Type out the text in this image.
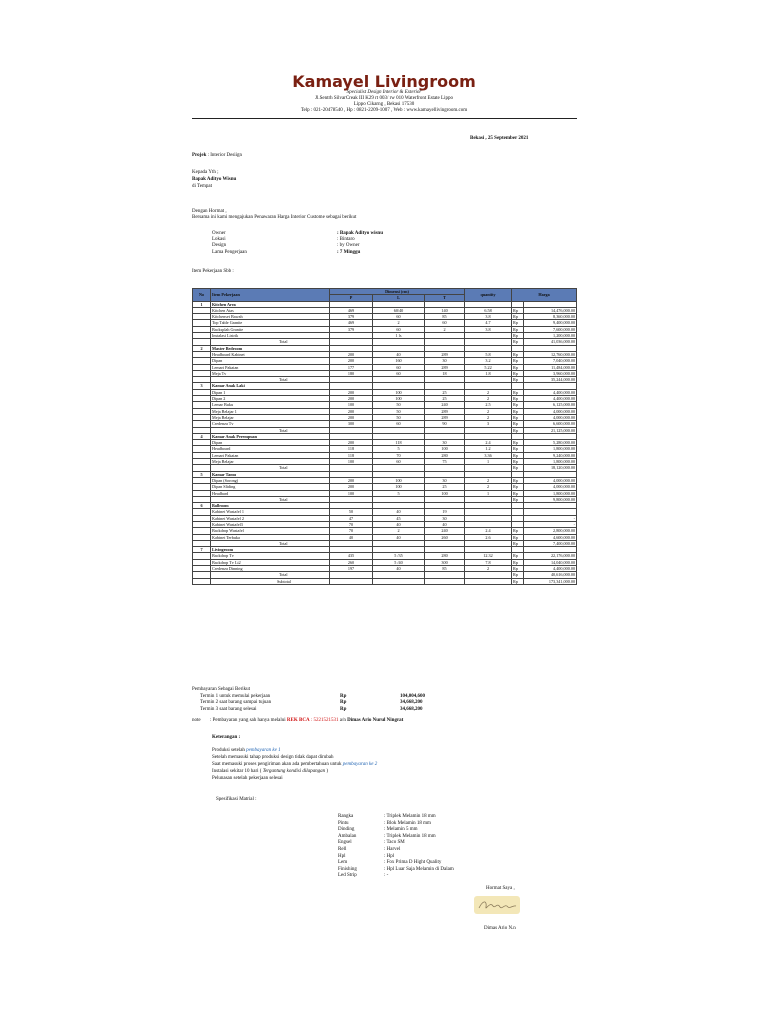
Kamayel Livingroom
Specialist Design Interior & Exterior
Jl.Sentrh SilvarCreak III K29 rt 003/ rw 010 Waterfront Estate Lippo
Lippo Cikarng , Bekasi 17530
Telp : 021-20478540 , Hp : 0821-2209-1007 , Web : www.kamayellivingroom.com
Bekasi , 25 September 2021
Projek : Interior Desiign
Kepada Yth ;
Bapak Adityo Wisnu
di Tempat
Dengan Hormat ,
Bersama ini kami mengajukan Penawaran Harga Interior Custome sebagai berikut
Owner	: Bapak Adityo wisnu
Lokasi	: Bintaro
Design	: by Owner
Lama Pengerjaan	: 7 Minggu
Item Pekerjaan Sbb :
No	Item Pekerjaan	Dimensi (cm)			quantity	Harga	
		P	L	T			
1	Kitchen Area						
	Kitchen Atas	469	60/40	140	6.58	Rp	14,476,000.00
	Kitchenset Bawah	379	60	85	3.8	Rp	8,360,000.00
	Top Table Granite	469	2	60	4.7	Rp	9,400,000.00
	Backsplah Granite	379	60	2	3.8	Rp	7,600,000.00
	Instalasi Listrik		1 ls			Rp	1,200,000.00
	Total					Rp	41,036,000.00
2	Master Bedroom						
	Headboard Kabinet	200	40	289	5.8	Rp	12,760,000.00
	Dipan	200	160	30	3.2	Rp	7,040,000.00
	Lemari Pakaian	177	60	289	5.22	Rp	11,484,000.00
	Meja Tv	180	60	18	1.8	Rp	3,960,000.00
	Total					Rp	35,244,000.00
3	Kamar Anak Laki						
	Dipan 1	200	100	25	2	Rp	4,400,000.00
	Dipan 2	200	100	25	2	Rp	4,400,000.00
	Lemar Buku	100	50	240	2.5	Rp	6,125,000.00
	Meja Belajar 1	200	50	289	2	Rp	4,000,000.00
	Meja Belajar	200	50	289	2	Rp	4,000,000.00
	Credenza Tv	300	60	90	3	Rp	6,600,000.00
	Total					Rp	21,125,000.00
4	Kamar Anak Perempuan						
	Dipan	200	118	30	2.4	Rp	5,280,000.00
	Headboard	118	5	100	1.2	Rp	1,800,000.00
	Lemari Pakaian	118	70	280	3.36	Rp	9,240,000.00
	Meja Belajar	100	60	75	1	Rp	1,800,000.00
	Total					Rp	18,120,000.00
5	Kamar Tamu						
	Dipan (Sorong)	200	100	30	2	Rp	4,000,000.00
	Dipan Sliding	200	100	25	2	Rp	4,000,000.00
	Headbard	100	5	100	1	Rp	1,800,000.00
	Total					Rp	9,800,000.00
6	Ballroom						
	Kabinet Wastafel 1	50	40	19			
	Kabinet Wastafel 2	47	45	30			-
	Kabinet Wastafel3	70	40	40			-
	Backdrop Wastafel	70	2	240	2.4	Rp	2,800,000.00
	Kabinet Terbuka	40	40	260	2.6	Rp	4,600,000.00
	Total					Rp	7,400,000.00
7	Livingroom						
	Backdrop Tv	435	5 /35	280	12.32	Rp	22,176,000.00
	Backdrop Tv Lt2	260	5 /40	300	7.8	Rp	14,040,000.00
	Credenza Dinning	197	40	85	2	Rp	4,400,000.00
	Total					Rp	40,616,000.00
	Subtotal					Rp	173,341,000.00
Pembayaran Sebagai Berikut
Termin 1 untuk memulai pekerjaan	Rp	104,004,600
Termin 2 saat barang sampai tujuan	Rp	34,668,200
Termin 3 saat barang selesai	Rp	34,668,200
note : Pembayaran yang sah hanya melalui REK BCA : 5221521531 a/n Dimas Ario Nurul Ningrat
Keterangan :
Produksi setelah pembayaran ke 1
Setelah memasuki tahap produksi design tidak dapat dirubah
Saat memasuki proses pengiriman akan ada pembertahuan untuk pembayaran ke 2
Instalasi sekitar 10 hari ( Tergantung kondisi dilapangan )
Pelunasan setelah pekerjaan selesai
Spesifikasi Matrial :
Rangka	: Triplek Melamin 18 mm
Pintu	: Blok Melamin 18 mm
Dinding	: Melamin 5 mm
Ambalan	: Triplek Melamin 18 mm
Engsel	: Taco SM
Rell	: Harvel
Hpl	: Hpl
Lem	: Fox Prima D Hight Quality
Finishing	: Hpl Luar Saja Melamin di Dalam
Led Strip	: -
Hormat Saya ,
Dimas Ario N.n
